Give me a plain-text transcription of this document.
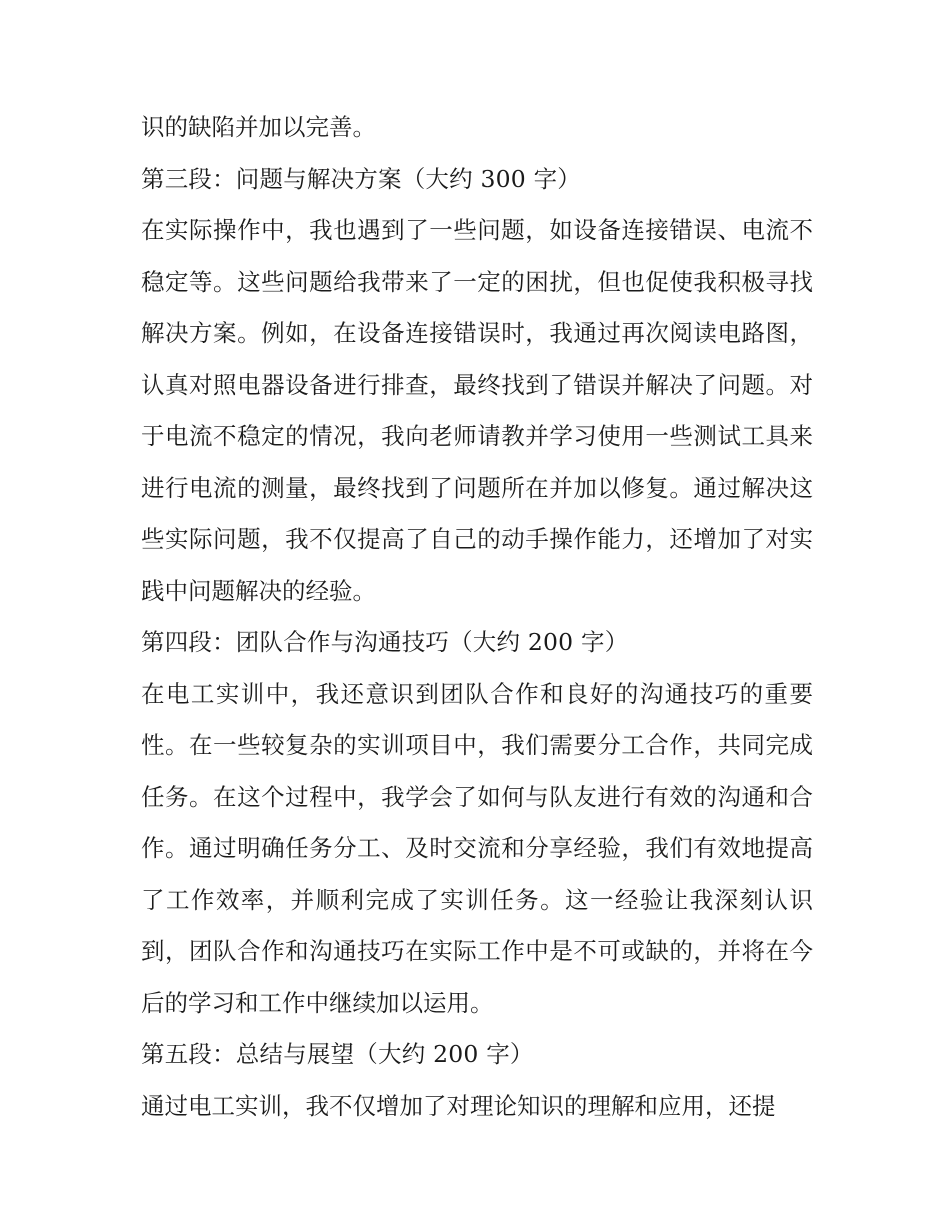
识的缺陷并加以完善。

第三段：问题与解决方案（大约 300 字）

在实际操作中，我也遇到了一些问题，如设备连接错误、电流不稳定等。这些问题给我带来了一定的困扰，但也促使我积极寻找解决方案。例如，在设备连接错误时，我通过再次阅读电路图，认真对照电器设备进行排查，最终找到了错误并解决了问题。对于电流不稳定的情况，我向老师请教并学习使用一些测试工具来进行电流的测量，最终找到了问题所在并加以修复。通过解决这些实际问题，我不仅提高了自己的动手操作能力，还增加了对实践中问题解决的经验。

第四段：团队合作与沟通技巧（大约 200 字）

在电工实训中，我还意识到团队合作和良好的沟通技巧的重要性。在一些较复杂的实训项目中，我们需要分工合作，共同完成任务。在这个过程中，我学会了如何与队友进行有效的沟通和合作。通过明确任务分工、及时交流和分享经验，我们有效地提高了工作效率，并顺利完成了实训任务。这一经验让我深刻认识到，团队合作和沟通技巧在实际工作中是不可或缺的，并将在今后的学习和工作中继续加以运用。

第五段：总结与展望（大约 200 字）

通过电工实训，我不仅增加了对理论知识的理解和应用，还提
